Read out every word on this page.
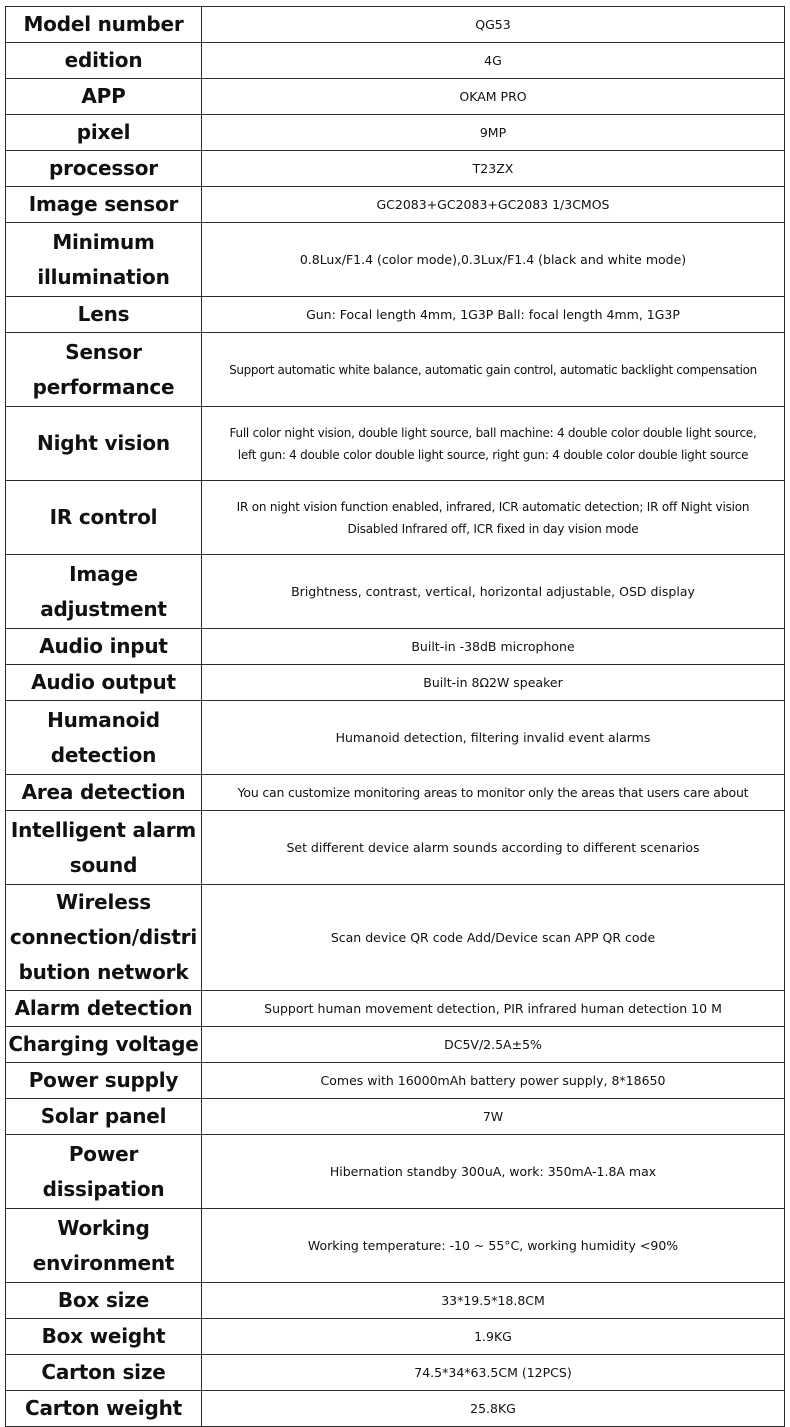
Model number	QG53
edition	4G
APP	OKAM PRO
pixel	9MP
processor	T23ZX
Image sensor	GC2083+GC2083+GC2083 1/3CMOS
Minimum
illumination	0.8Lux/F1.4 (color mode),0.3Lux/F1.4 (black and white mode)
Lens	Gun: Focal length 4mm, 1G3P Ball: focal length 4mm, 1G3P
Sensor
performance	Support automatic white balance, automatic gain control, automatic backlight compensation
Night vision	Full color night vision, double light source, ball machine: 4 double color double light source,
left gun: 4 double color double light source, right gun: 4 double color double light source
IR control	IR on night vision function enabled, infrared, ICR automatic detection; IR off Night vision
Disabled Infrared off, ICR fixed in day vision mode
Image
adjustment	Brightness, contrast, vertical, horizontal adjustable, OSD display
Audio input	Built-in -38dB microphone
Audio output	Built-in 8Ω2W speaker
Humanoid
detection	Humanoid detection, filtering invalid event alarms
Area detection	You can customize monitoring areas to monitor only the areas that users care about
Intelligent alarm
sound	Set different device alarm sounds according to different scenarios
Wireless
connection/distri
bution network	Scan device QR code Add/Device scan APP QR code
Alarm detection	Support human movement detection, PIR infrared human detection 10 M
Charging voltage	DC5V/2.5A±5%
Power supply	Comes with 16000mAh battery power supply, 8*18650
Solar panel	7W
Power
dissipation	Hibernation standby 300uA, work: 350mA-1.8A max
Working
environment	Working temperature: -10 ~ 55°C, working humidity <90%
Box size	33*19.5*18.8CM
Box weight	1.9KG
Carton size	74.5*34*63.5CM (12PCS)
Carton weight	25.8KG
